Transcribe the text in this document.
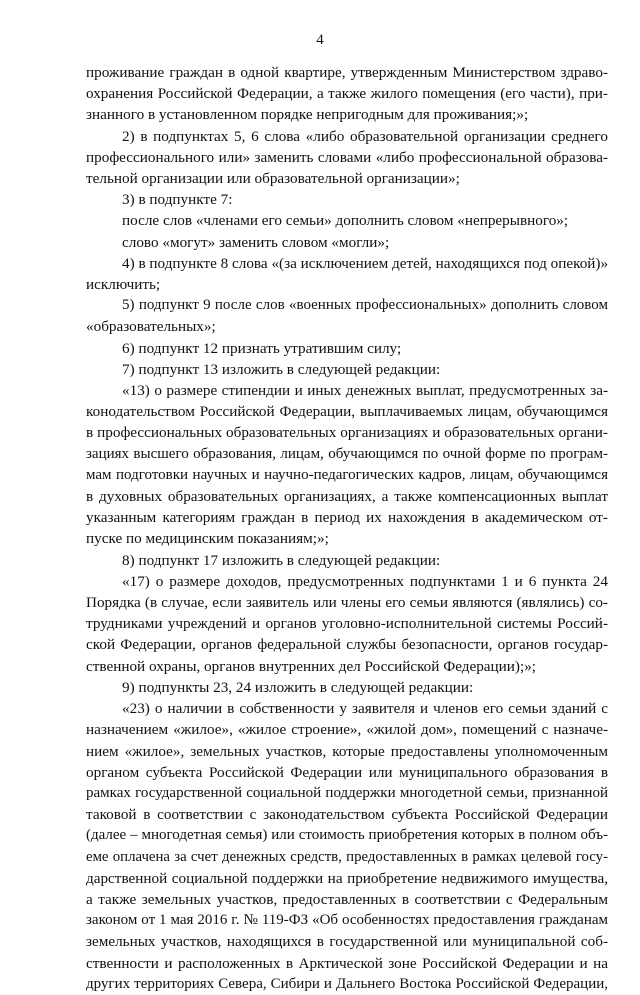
4
проживание граждан в одной квартире, утвержденным Министерством здраво-
охранения Российской Федерации, а также жилого помещения (его части), при-
знанного в установленном порядке непригодным для проживания;»;
2) в подпунктах 5, 6 слова «либо образовательной организации среднего
профессионального или» заменить словами «либо профессиональной образова-
тельной организации или образовательной организации»;
3) в подпункте 7:
после слов «членами его семьи» дополнить словом «непрерывного»;
слово «могут» заменить словом «могли»;
4) в подпункте 8 слова «(за исключением детей, находящихся под опекой)»
исключить;
5) подпункт 9 после слов «военных профессиональных» дополнить словом
«образовательных»;
6) подпункт 12 признать утратившим силу;
7) подпункт 13 изложить в следующей редакции:
«13) о размере стипендии и иных денежных выплат, предусмотренных за-
конодательством Российской Федерации, выплачиваемых лицам, обучающимся
в профессиональных образовательных организациях и образовательных органи-
зациях высшего образования, лицам, обучающимся по очной форме по програм-
мам подготовки научных и научно-педагогических кадров, лицам, обучающимся
в духовных образовательных организациях, а также компенсационных выплат
указанным категориям граждан в период их нахождения в академическом от-
пуске по медицинским показаниям;»;
8) подпункт 17 изложить в следующей редакции:
«17) о размере доходов, предусмотренных подпунктами 1 и 6 пункта 24
Порядка (в случае, если заявитель или члены его семьи являются (являлись) со-
трудниками учреждений и органов уголовно-исполнительной системы Россий-
ской Федерации, органов федеральной службы безопасности, органов государ-
ственной охраны, органов внутренних дел Российской Федерации);»;
9) подпункты 23, 24 изложить в следующей редакции:
«23) о наличии в собственности у заявителя и членов его семьи зданий с
назначением «жилое», «жилое строение», «жилой дом», помещений с назначе-
нием «жилое», земельных участков, которые предоставлены уполномоченным
органом субъекта Российской Федерации или муниципального образования в
рамках государственной социальной поддержки многодетной семьи, признанной
таковой в соответствии с законодательством субъекта Российской Федерации
(далее – многодетная семья) или стоимость приобретения которых в полном объ-
еме оплачена за счет денежных средств, предоставленных в рамках целевой госу-
дарственной социальной поддержки на приобретение недвижимого имущества,
а также земельных участков, предоставленных в соответствии с Федеральным
законом от 1 мая 2016 г. № 119-ФЗ «Об особенностях предоставления гражданам
земельных участков, находящихся в государственной или муниципальной соб-
ственности и расположенных в Арктической зоне Российской Федерации и на
других территориях Севера, Сибири и Дальнего Востока Российской Федерации,
